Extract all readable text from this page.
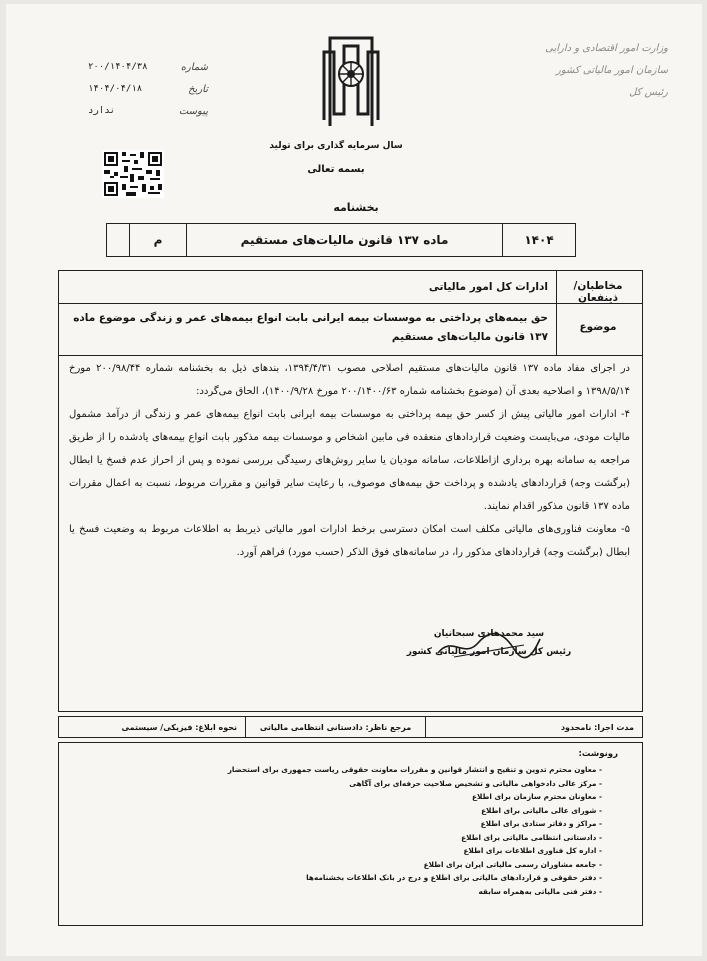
وزارت امور اقتصادی و دارایی
سازمان امور مالیاتی کشور
رئیس کل
سال سرمایه گذاری برای تولید
بسمه تعالی
شماره
۲۰۰/۱۴۰۴/۳۸
تاریخ
۱۴۰۴/۰۴/۱۸
پیوست
ندارد
بخشنامه
۱۴۰۴
ماده ۱۳۷ قانون مالیات‌های مستقیم
م
مخاطبان/ذینفعان
ادارات کل امور مالیاتی
موضوع
حق بیمه‌های پرداختی به موسسات بیمه ایرانی بابت انواع بیمه‌های عمر و زندگی موضوع ماده ۱۳۷ قانون مالیات‌های مستقیم

در اجرای مفاد ماده ۱۳۷ قانون مالیات‌های مستقیم اصلاحی مصوب ۱۳۹۴/۴/۳۱، بندهای ذیل به بخشنامه شماره ۲۰۰/۹۸/۴۴ مورخ ۱۳۹۸/۵/۱۴ و اصلاحیه بعدی آن (موضوع بخشنامه شماره ۲۰۰/۱۴۰۰/۶۳ مورخ ۱۴۰۰/۹/۲۸)، الحاق می‌گردد:

۴- ادارات امور مالیاتی پیش از کسر حق بیمه پرداختی به موسسات بیمه ایرانی بابت انواع بیمه‌های عمر و زندگی از درآمد مشمول مالیات مودی، می‌بایست وضعیت قراردادهای منعقده فی مابین اشخاص و موسسات بیمه مذکور بابت انواع بیمه‌های یادشده را از طریق مراجعه به سامانه بهره برداری ازاطلاعات، سامانه مودیان یا سایر روش‌های رسیدگی بررسی نموده و پس از احراز عدم فسخ یا ابطال (برگشت وجه) قراردادهای یادشده و پرداخت حق بیمه‌های موصوف، با رعایت سایر قوانین و مقررات مربوط، نسبت به اعمال مقررات ماده ۱۳۷ قانون مذکور اقدام نمایند.

۵- معاونت فناوری‌های مالیاتی مکلف است امکان دسترسی برخط ادارات امور مالیاتی ذیربط به اطلاعات مربوط به وضعیت فسخ یا ابطال (برگشت وجه) قراردادهای مذکور را، در سامانه‌های فوق الذکر (حسب مورد) فراهم آورد.

سید محمدهادی سبحانیان
رئیس کل سازمان امور مالیاتی کشور
مدت اجرا: نامحدود
مرجع ناظر: دادستانی انتظامی مالیاتی
نحوه ابلاغ: فیزیکی/ سیستمی
رونوشت:
- معاون محترم تدوین و تنقیح و انتشار قوانین و مقررات معاونت حقوقی ریاست جمهوری برای استحضار
- مرکز عالی دادخواهی مالیاتی و تشخیص صلاحیت حرفه‌ای برای آگاهی
- معاونان محترم سازمان برای اطلاع
- شورای عالی مالیاتی برای اطلاع
- مراکز و دفاتر ستادی برای اطلاع
- دادستانی انتظامی مالیاتی برای اطلاع
- اداره کل فناوری اطلاعات برای اطلاع
- جامعه مشاوران رسمی مالیاتی ایران برای اطلاع
- دفتر حقوقی و قراردادهای مالیاتی برای اطلاع و درج در بانک اطلاعات بخشنامه‌ها
- دفتر فنی مالیاتی به‌همراه سابقه
